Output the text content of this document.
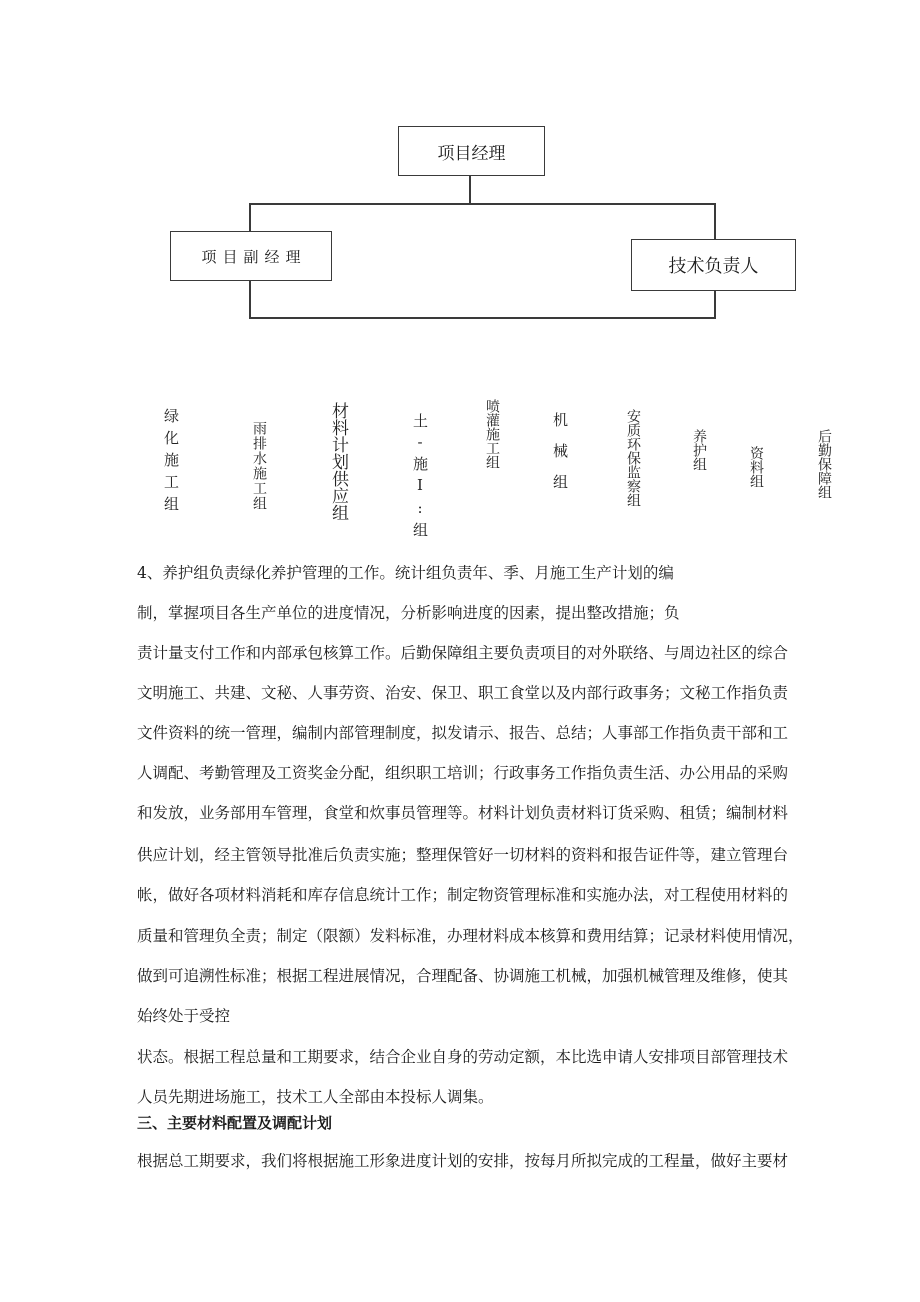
项目经理
项目副经理	技术负责人
绿化施工组	雨排水施工组	材料计划供应组	土-施I:组	喷灌施工组	机械组	安质环保监察组	养护组	资料组	后勤保障组
4、养护组负责绿化养护管理的工作。统计组负责年、季、月施工生产计划的编
制，掌握项目各生产单位的进度情况，分析影响进度的因素，提出整改措施；负
责计量支付工作和内部承包核算工作。后勤保障组主要负责项目的对外联络、与周边社区的综合
文明施工、共建、文秘、人事劳资、治安、保卫、职工食堂以及内部行政事务；文秘工作指负责
文件资料的统一管理，编制内部管理制度，拟发请示、报告、总结；人事部工作指负责干部和工
人调配、考勤管理及工资奖金分配，组织职工培训；行政事务工作指负责生活、办公用品的采购
和发放，业务部用车管理，食堂和炊事员管理等。材料计划负责材料订货采购、租赁；编制材料
供应计划，经主管领导批准后负责实施；整理保管好一切材料的资料和报告证件等，建立管理台
帐，做好各项材料消耗和库存信息统计工作；制定物资管理标准和实施办法，对工程使用材料的
质量和管理负全责；制定（限额）发料标准，办理材料成本核算和费用结算；记录材料使用情况，
做到可追溯性标准；根据工程进展情况，合理配备、协调施工机械，加强机械管理及维修，使其
始终处于受控
状态。根据工程总量和工期要求，结合企业自身的劳动定额，本比选申请人安排项目部管理技术
人员先期进场施工，技术工人全部由本投标人调集。
三、主要材料配置及调配计划
根据总工期要求，我们将根据施工形象进度计划的安排，按每月所拟完成的工程量，做好主要材
